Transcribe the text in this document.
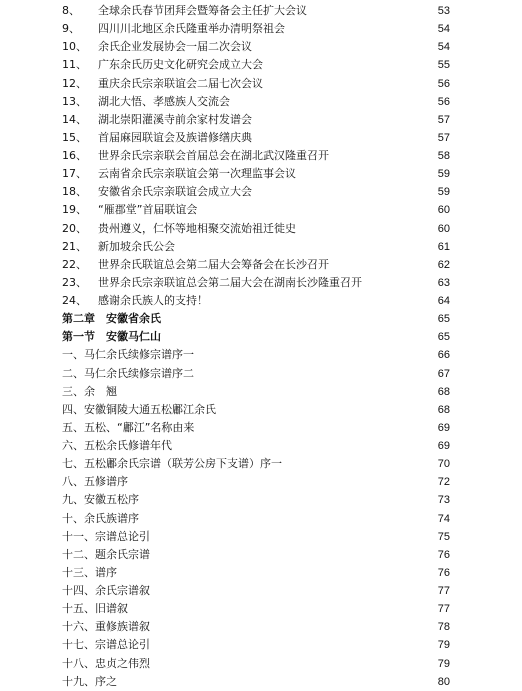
8、 全球余氏春节团拜会暨筹备会主任扩大会议	53
9、 四川川北地区余氏隆重举办清明祭祖会	54
10、 余氏企业发展协会一届二次会议	54
11、 广东余氏历史文化研究会成立大会	55
12、 重庆余氏宗亲联谊会二届七次会议	56
13、 湖北大悟、孝感族人交流会	56
14、 湖北崇阳灌溪寺前余家村发谱会	57
15、 首届麻园联谊会及族谱修缮庆典	57
16、 世界余氏宗亲联会首届总会在湖北武汉隆重召开	58
17、 云南省余氏宗亲联谊会第一次理监事会议	59
18、 安徽省余氏宗亲联谊会成立大会	59
19、 “雁郡堂”首届联谊会	60
20、 贵州遵义，仁怀等地相聚交流始祖迁徙史	60
21、 新加坡余氏公会	61
22、 世界余氏联谊总会第二届大会筹备会在长沙召开	62
23、 世界余氏宗亲联谊总会第二届大会在湖南长沙隆重召开	63
24、 感谢余氏族人的支持！	64
第二章　安徽省余氏	65
第一节　安徽马仁山	65
一、马仁余氏续修宗谱序一	66
二、马仁余氏续修宗谱序二	67
三、余　翘	68
四、安徽铜陵大通五松鄘江余氏	68
五、五松、“鄘江”名称由来	69
六、五松余氏修谱年代	69
七、五松鄘余氏宗谱（联芳公房下支谱）序一	70
八、五修谱序	72
九、安徽五松序	73
十、余氏族谱序	74
十一、宗谱总论引	75
十二、题余氏宗谱	76
十三、谱序	76
十四、余氏宗谱叙	77
十五、旧谱叙	77
十六、重修族谱叙	78
十七、宗谱总论引	79
十八、忠贞之伟烈	79
十九、序之	80
